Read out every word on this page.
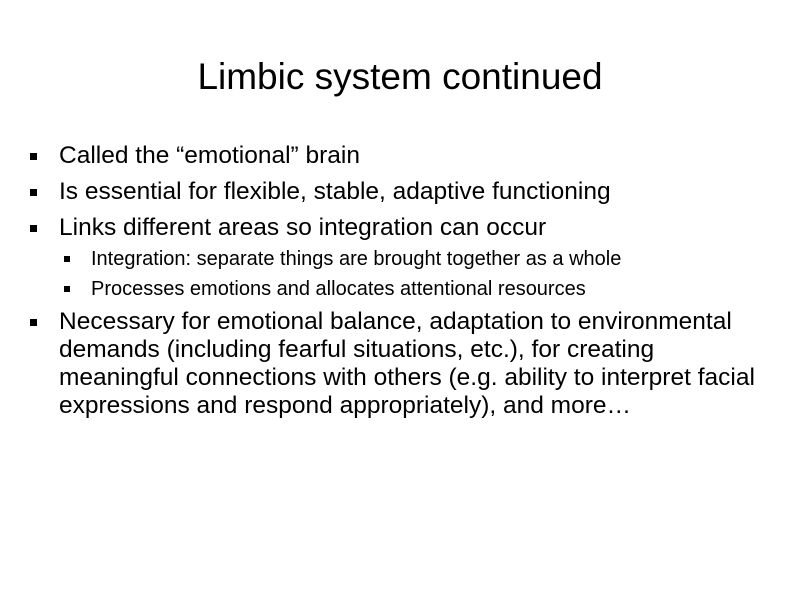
Limbic system continued
Called the “emotional” brain
Is essential for flexible, stable, adaptive functioning
Links different areas so integration can occur
Integration: separate things are brought together as a whole
Processes emotions and allocates attentional resources
Necessary for emotional balance, adaptation to environmental demands (including fearful situations, etc.), for creating meaningful connections with others (e.g. ability to interpret facial expressions and respond appropriately), and more…
